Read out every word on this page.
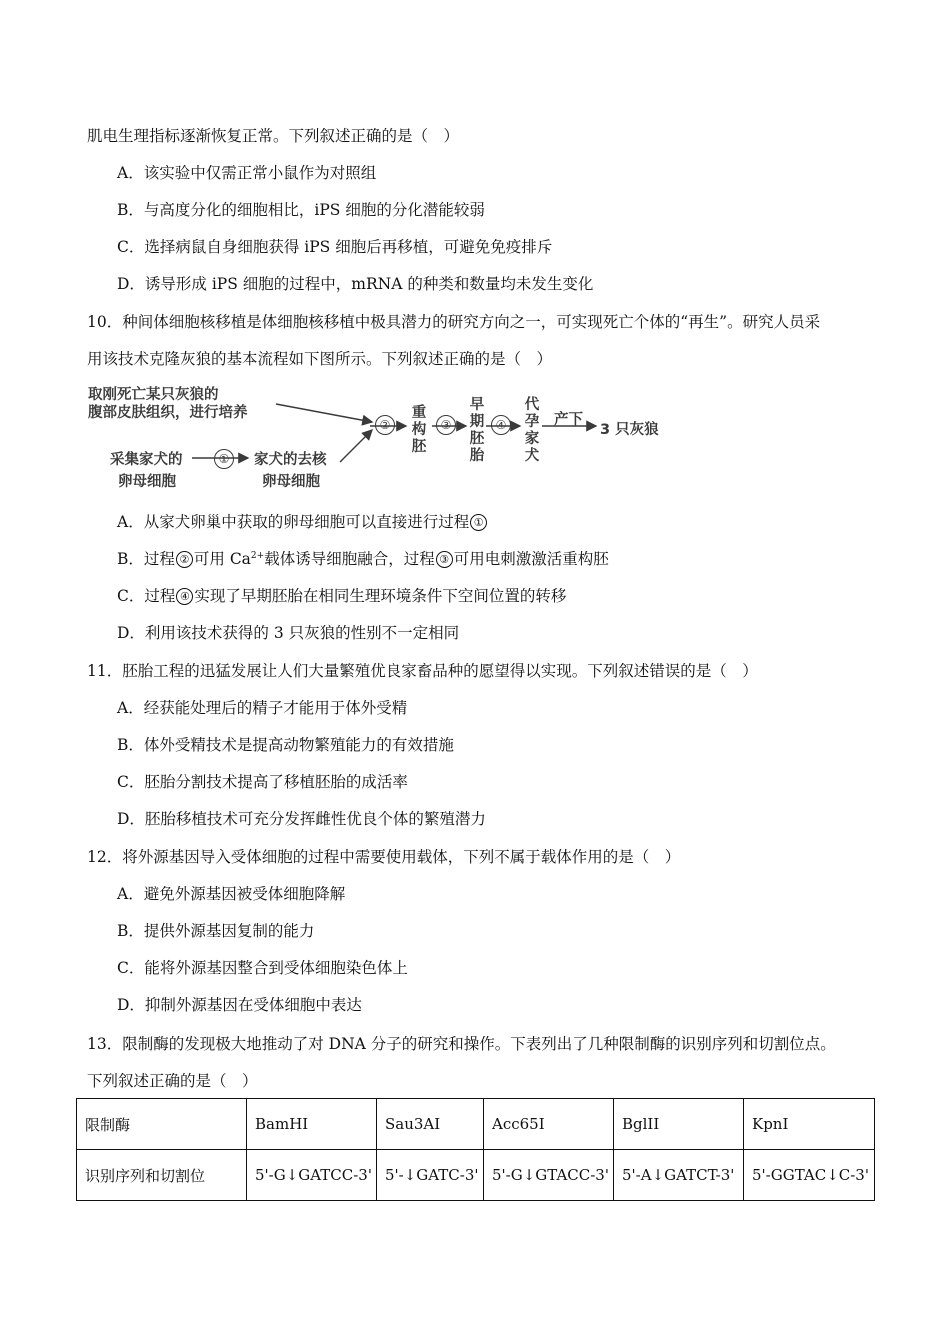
肌电生理指标逐渐恢复正常。下列叙述正确的是（　）
A．该实验中仅需正常小鼠作为对照组
B．与高度分化的细胞相比，iPS 细胞的分化潜能较弱
C．选择病鼠自身细胞获得 iPS 细胞后再移植，可避免免疫排斥
D．诱导形成 iPS 细胞的过程中，mRNA 的种类和数量均未发生变化
10．种间体细胞核移植是体细胞核移植中极具潜力的研究方向之一，可实现死亡个体的“再生”。研究人员采
用该技术克隆灰狼的基本流程如下图所示。下列叙述正确的是（　）
取刚死亡某只灰狼的
腹部皮肤组织，进行培养
采集家犬的
卵母细胞
①	家犬的去核
卵母细胞
②
重构胚
③
早期胚胎
④
代孕家犬
产下
3 只灰狼
A．从家犬卵巢中获取的卵母细胞可以直接进行过程 ①
B．过程 ② 可用 $Ca^{2+}$载体诱导细胞融合，过程 ③ 可用电刺激激活重构胚
C．过程 ④ 实现了早期胚胎在相同生理环境条件下空间位置的转移
D．利用该技术获得的 3 只灰狼的性别不一定相同
11．胚胎工程的迅猛发展让人们大量繁殖优良家畜品种的愿望得以实现。下列叙述错误的是（　）
A．经获能处理后的精子才能用于体外受精
B．体外受精技术是提高动物繁殖能力的有效措施
C．胚胎分割技术提高了移植胚胎的成活率
D．胚胎移植技术可充分发挥雌性优良个体的繁殖潜力
12．将外源基因导入受体细胞的过程中需要使用载体，下列不属于载体作用的是（　）
A．避免外源基因被受体细胞降解
B．提供外源基因复制的能力
C．能将外源基因整合到受体细胞染色体上
D．抑制外源基因在受体细胞中表达
13．限制酶的发现极大地推动了对 DNA 分子的研究和操作。下表列出了几种限制酶的识别序列和切割位点。
下列叙述正确的是（　）
限制酶	BamHI	Sau3AI	Acc65I	BglII	KpnI
识别序列和切割位	5'-G↓GATCC-3'	5'-↓GATC-3'	5'-G↓GTACC-3'	5'-A↓GATCT-3'	5'-GGTAC↓C-3'
